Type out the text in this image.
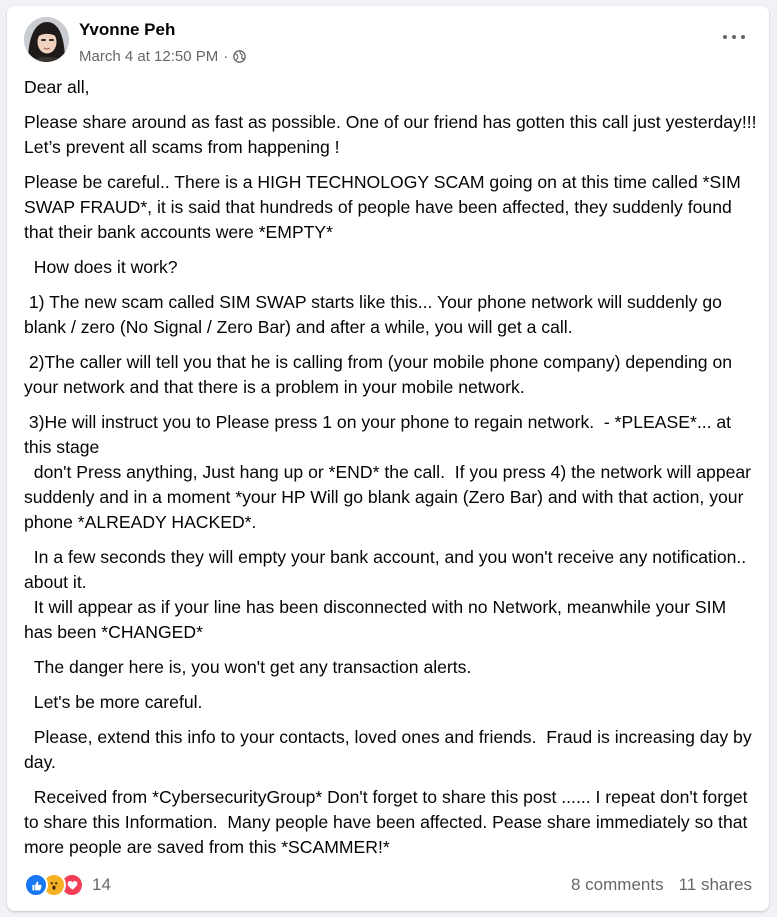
Yvonne Peh
March 4 at 12:50 PM ·

Dear all,

Please share around as fast as possible. One of our friend has gotten this call just yesterday!!! Let’s prevent all scams from happening !

Please be careful.. There is a HIGH TECHNOLOGY SCAM going on at this time called *SIM SWAP FRAUD*, it is said that hundreds of people have been affected, they suddenly found that their bank accounts were *EMPTY*

How does it work?

1) The new scam called SIM SWAP starts like this... Your phone network will suddenly go blank / zero (No Signal / Zero Bar) and after a while, you will get a call.

2)The caller will tell you that he is calling from (your mobile phone company) depending on your network and that there is a problem in your mobile network.

3)He will instruct you to Please press 1 on your phone to regain network.  - *PLEASE*... at this stage
don't Press anything, Just hang up or *END* the call.  If you press 4) the network will appear suddenly and in a moment *your HP Will go blank again (Zero Bar) and with that action, your phone *ALREADY HACKED*.

In a few seconds they will empty your bank account, and you won't receive any notification.. about it.
It will appear as if your line has been disconnected with no Network, meanwhile your SIM has been *CHANGED*

The danger here is, you won't get any transaction alerts.

Let's be more careful.

Please, extend this info to your contacts, loved ones and friends.  Fraud is increasing day by day.

Received from *CybersecurityGroup* Don't forget to share this post ...... I repeat don't forget to share this Information.  Many people have been affected. Pease share immediately so that more people are saved from this *SCAMMER!*

14	8 comments 11 shares
